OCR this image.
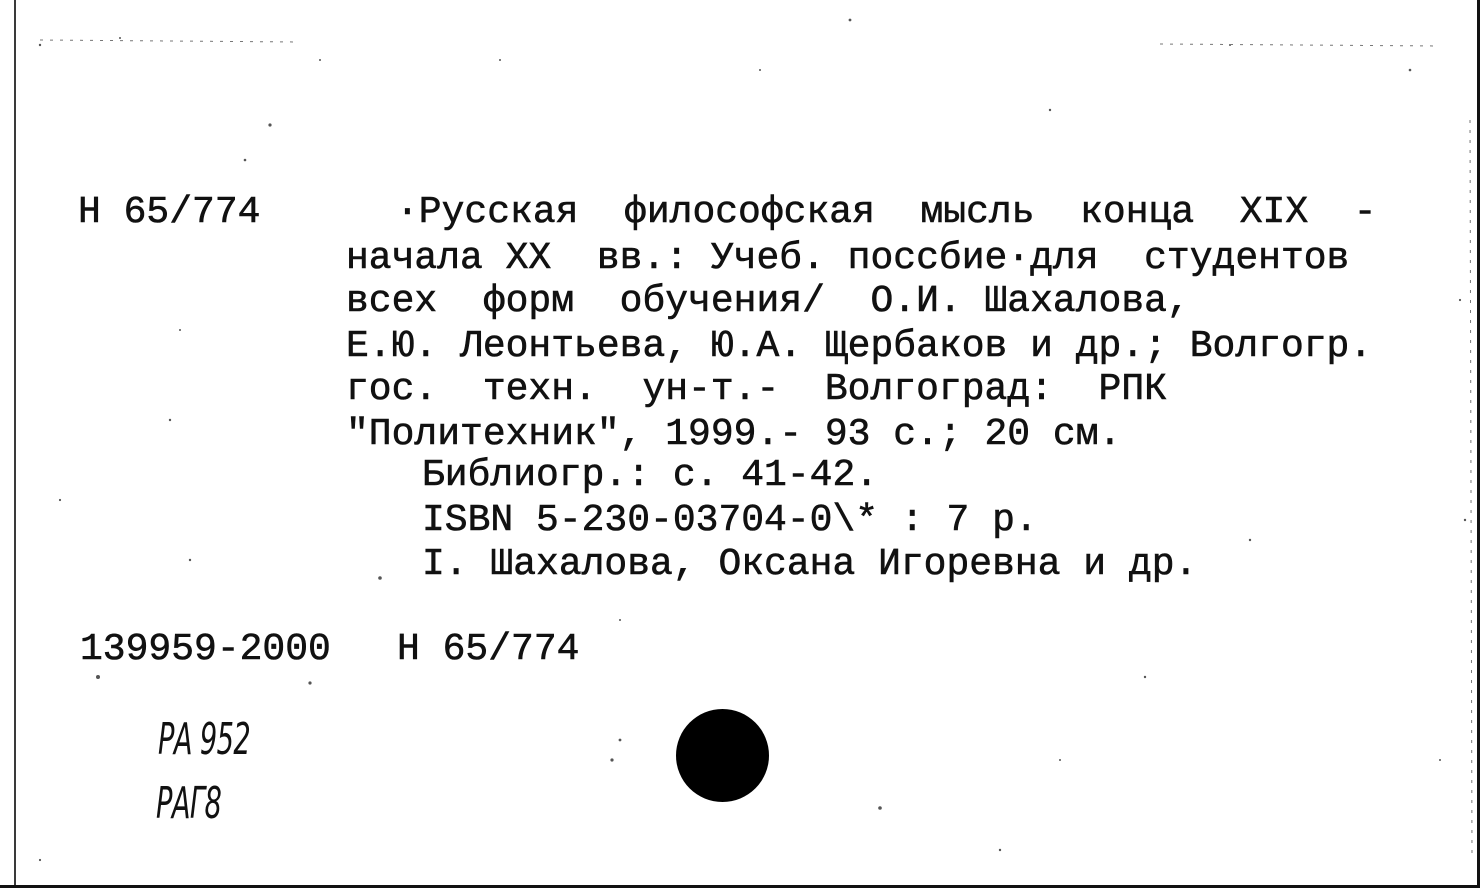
Н 65/774	·Русская  философская  мысль  конца  XIX  -
начала XX  вв.: Учеб. поссбие·для  студентов
всех  форм  обучения/  О.И. Шахалова,
Е.Ю. Леонтьева, Ю.А. Щербаков и др.; Волгогр.
гос.  техн.  ун-т.-  Волгоград:  РПК
"Политехник", 1999.- 93 с.; 20 см.
Библиогр.: с. 41-42.
ISBN 5-230-03704-0\* : 7 р.
I. Шахалова, Оксана Игоревна и др.
139959-2000 Н 65/774
РА 952
РАГ8
